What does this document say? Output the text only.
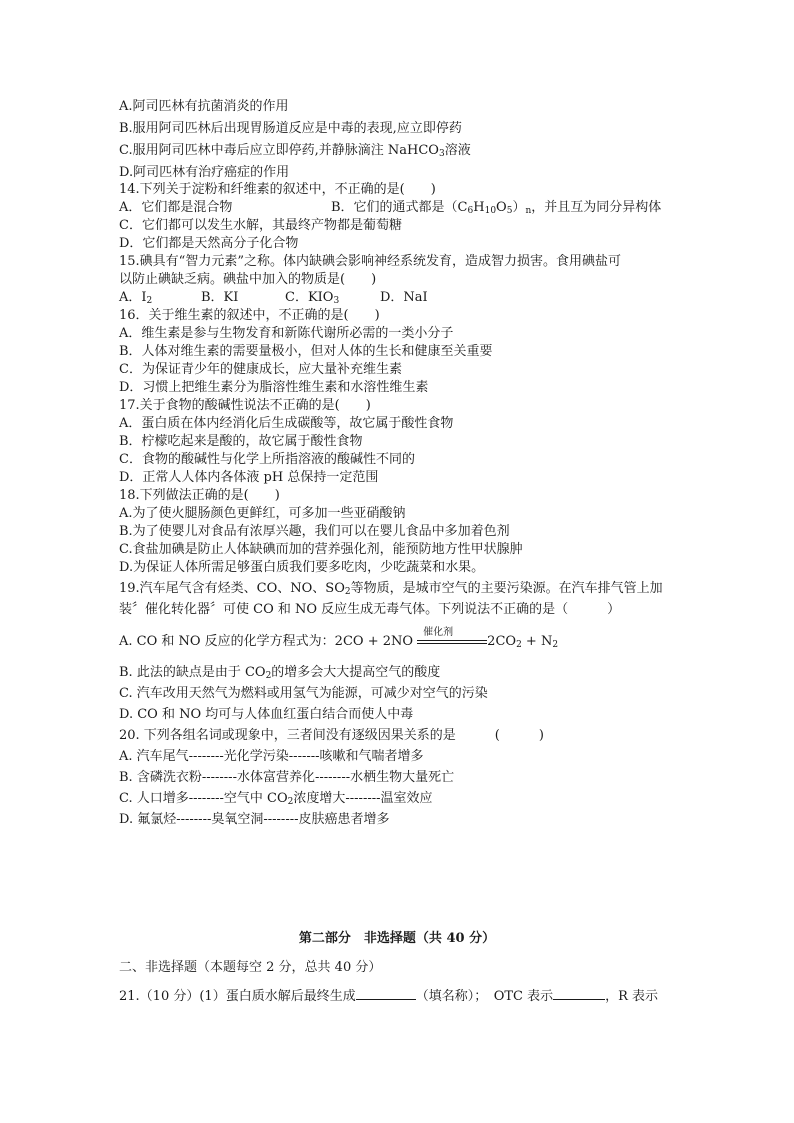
A.阿司匹林有抗菌消炎的作用
B.服用阿司匹林后出现胃肠道反应是中毒的表现,应立即停药
C.服用阿司匹林中毒后应立即停药,并静脉滴注 NaHCO$_3$溶液
D.阿司匹林有治疗癌症的作用
14.下列关于淀粉和纤维素的叙述中，不正确的是(　　)
A．它们都是混合物	B．它们的通式都是$(C_6H_{10}O_5)_n$，并且互为同分异构体
C．它们都可以发生水解，其最终产物都是葡萄糖
D．它们都是天然高分子化合物
15.碘具有“智力元素”之称。体内缺碘会影响神经系统发育，造成智力损害。食用碘盐可
以防止碘缺乏病。碘盐中加入的物质是(　　)
A．$I_2$	B．KI	C．$KIO_3$	D．NaI
16．关于维生素的叙述中，不正确的是(　　)
A．维生素是参与生物发育和新陈代谢所必需的一类小分子
B．人体对维生素的需要量极小，但对人体的生长和健康至关重要
C．为保证青少年的健康成长，应大量补充维生素
D．习惯上把维生素分为脂溶性维生素和水溶性维生素
17.关于食物的酸碱性说法不正确的是(　　)
A．蛋白质在体内经消化后生成碳酸等，故它属于酸性食物
B．柠檬吃起来是酸的，故它属于酸性食物
C．食物的酸碱性与化学上所指溶液的酸碱性不同的
D．正常人人体内各体液 pH 总保持一定范围
18.下列做法正确的是(　　)
A.为了使火腿肠颜色更鲜红，可多加一些亚硝酸钠
B.为了使婴儿对食品有浓厚兴趣，我们可以在婴儿食品中多加着色剂
C.食盐加碘是防止人体缺碘而加的营养强化剂，能预防地方性甲状腺肿
D.为保证人体所需足够蛋白质我们要多吃肉，少吃蔬菜和水果。
19.汽车尾气含有烃类、CO、NO、$SO_2$等物质，是城市空气的主要污染源。在汽车排气管上加
装〞催化转化器〞可使 CO 和 NO 反应生成无毒气体。下列说法不正确的是（　　　）
A. CO 和 NO 反应的化学方程式为：2CO + 2NO
催化剂
$2CO_2 + N_2$
B. 此法的缺点是由于 $CO_2$的增多会大大提高空气的酸度
C. 汽车改用天然气为燃料或用氢气为能源，可减少对空气的污染
D. CO 和 NO 均可与人体血红蛋白结合而使人中毒
20. 下列各组名词或现象中，三者间没有逐级因果关系的是　　　(　　　)
A. 汽车尾气--------光化学污染-------咳嗽和气喘者增多
B. 含磷洗衣粉--------水体富营养化--------水栖生物大量死亡
C. 人口增多--------空气中 $CO_2$浓度增大--------温室效应
D. 氟氯烃--------臭氧空洞--------皮肤癌患者增多
第二部分　非选择题（共 40 分）
二、非选择题（本题每空 2 分，总共 40 分）
21.（10 分）(1）蛋白质水解后最终生成	（填名称）；　OTC 表示	，R 表示
